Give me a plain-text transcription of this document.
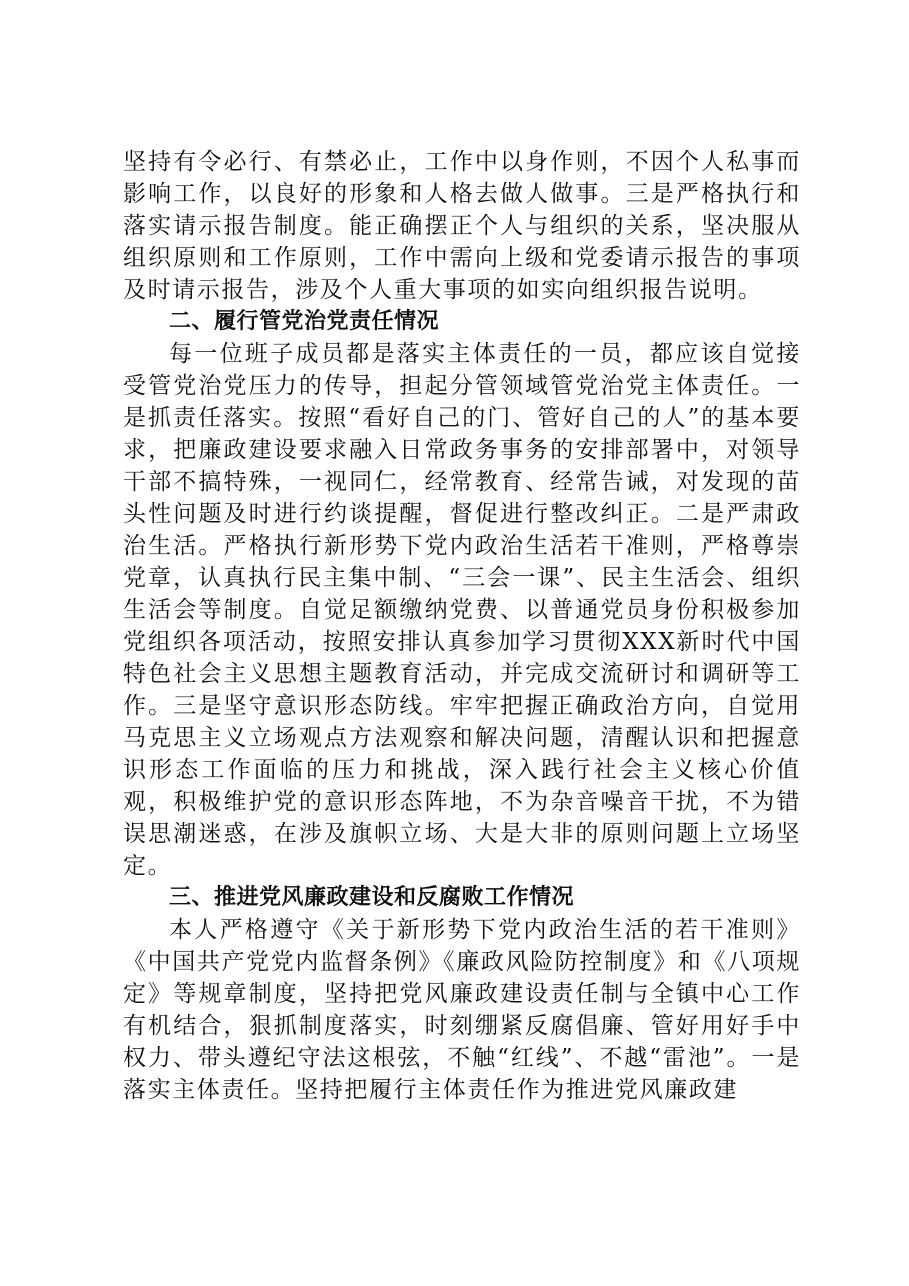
坚持有令必行、有禁必止，工作中以身作则，不因个人私事而影响工作，以良好的形象和人格去做人做事。三是严格执行和落实请示报告制度。能正确摆正个人与组织的关系，坚决服从组织原则和工作原则，工作中需向上级和党委请示报告的事项及时请示报告，涉及个人重大事项的如实向组织报告说明。

二、履行管党治党责任情况

每一位班子成员都是落实主体责任的一员，都应该自觉接受管党治党压力的传导，担起分管领域管党治党主体责任。一是抓责任落实。按照“看好自己的门、管好自己的人”的基本要求，把廉政建设要求融入日常政务事务的安排部署中，对领导干部不搞特殊，一视同仁，经常教育、经常告诫，对发现的苗头性问题及时进行约谈提醒，督促进行整改纠正。二是严肃政治生活。严格执行新形势下党内政治生活若干准则，严格尊崇党章，认真执行民主集中制、“三会一课”、民主生活会、组织生活会等制度。自觉足额缴纳党费、以普通党员身份积极参加党组织各项活动，按照安排认真参加学习贯彻XXX新时代中国特色社会主义思想主题教育活动，并完成交流研讨和调研等工作。三是坚守意识形态防线。牢牢把握正确政治方向，自觉用马克思主义立场观点方法观察和解决问题，清醒认识和把握意识形态工作面临的压力和挑战，深入践行社会主义核心价值观，积极维护党的意识形态阵地，不为杂音噪音干扰，不为错误思潮迷惑，在涉及旗帜立场、大是大非的原则问题上立场坚定。

三、推进党风廉政建设和反腐败工作情况

本人严格遵守《关于新形势下党内政治生活的若干准则》《中国共产党党内监督条例》《廉政风险防控制度》和《八项规定》等规章制度，坚持把党风廉政建设责任制与全镇中心工作有机结合，狠抓制度落实，时刻绷紧反腐倡廉、管好用好手中权力、带头遵纪守法这根弦，不触“红线”、不越“雷池”。一是落实主体责任。坚持把履行主体责任作为推进党风廉政建
